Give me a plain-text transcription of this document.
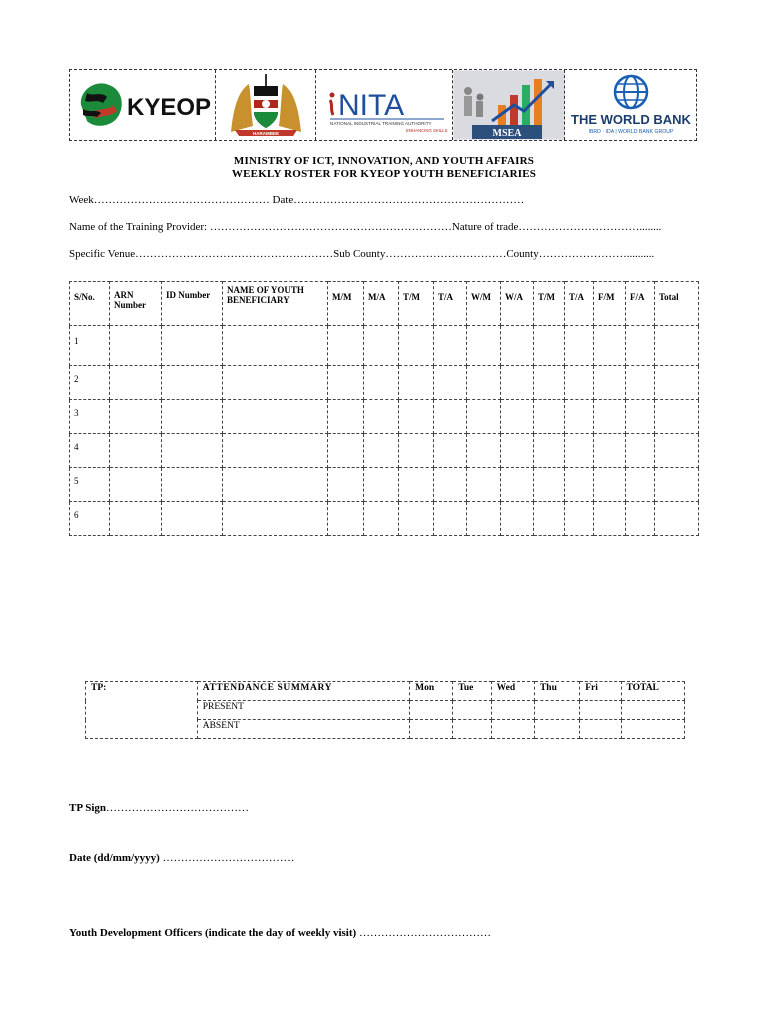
KYEOP
HARAMBEE
NITA
NATIONAL INDUSTRIAL TRAINING AUTHORITY
ENHANCING SKILLS	MSEA
THE WORLD BANK
IBRD · IDA | WORLD BANK GROUP
MINISTRY OF ICT, INNOVATION, AND YOUTH AFFAIRS
WEEKLY ROSTER FOR KYEOP YOUTH BENEFICIARIES
Week………………………………………… Date………………………………………………………
Name of the Training Provider: …………………………………………………………Nature of trade……………………………........
Specific Venue………………………………………………Sub County……………………………County……………………..........
S/No.	ARN Number	ID Number	NAME OF YOUTH BENEFICIARY	M/M	M/A	T/M	T/A	W/M	W/A	T/M	T/A	F/M	F/A	Total
1														
2														
3														
4														
5														
6														
TP:	ATTENDANCE SUMMARY	Mon	Tue	Wed	Thu	Fri	TOTAL
	PRESENT						
	ABSENT						
TP Sign…………………………………
Date (dd/mm/yyyy) ………………………………
Youth Development Officers (indicate the day of weekly visit) ………………………………
